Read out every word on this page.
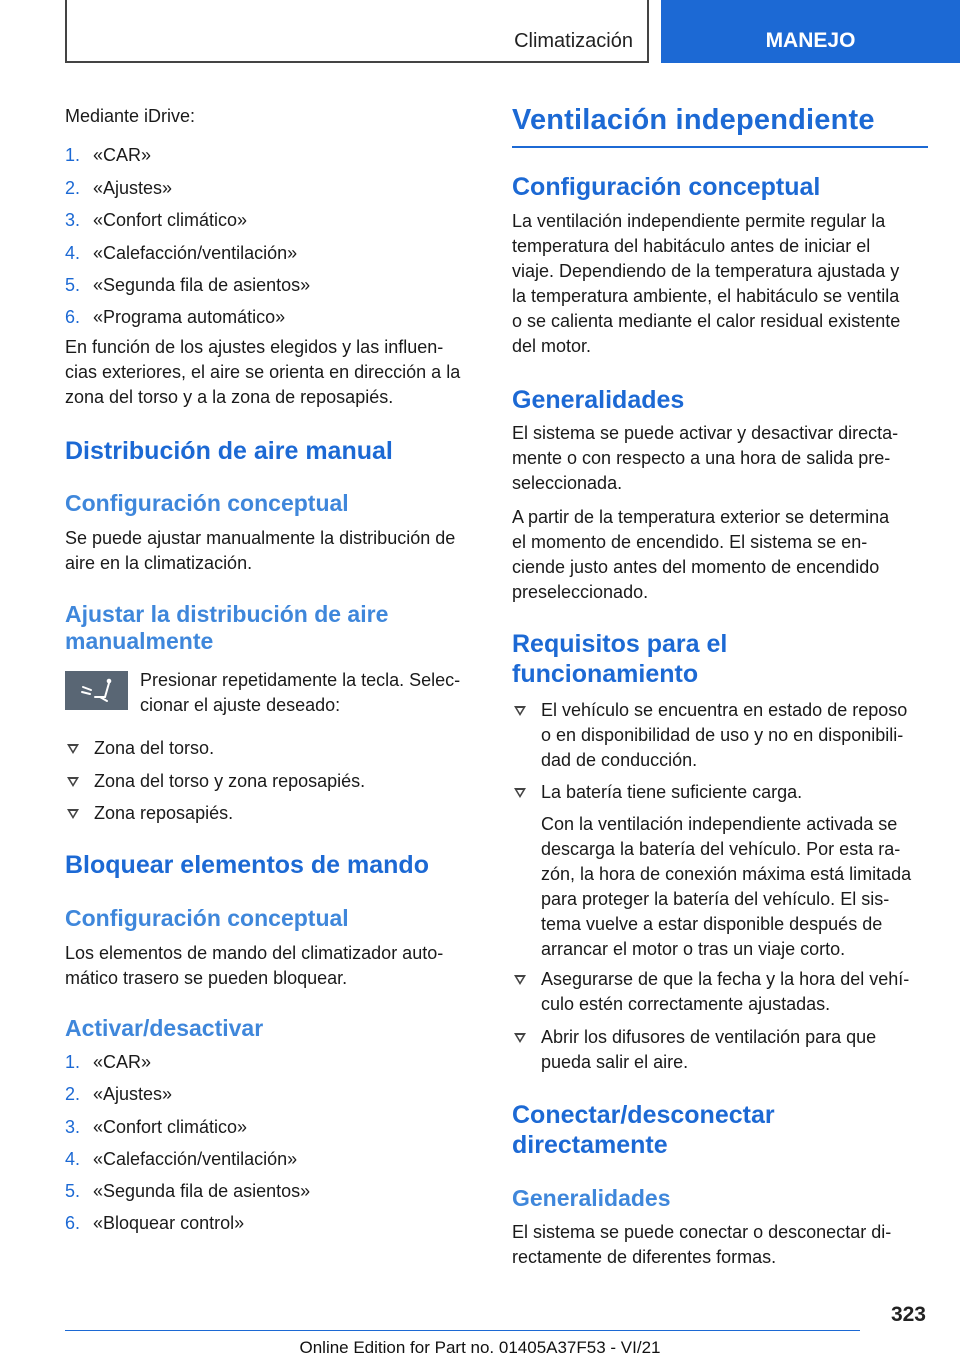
Climatización	MANEJO

Mediante iDrive:

1. «CAR»
2. «Ajustes»
3. «Confort climático»
4. «Calefacción/ventilación»
5. «Segunda fila de asientos»
6. «Programa automático»

En función de los ajustes elegidos y las influen-
cias exteriores, el aire se orienta en dirección a la
zona del torso y a la zona de reposapiés.

Distribución de aire manual
Configuración conceptual

Se puede ajustar manualmente la distribución de
aire en la climatización.

Ajustar la distribución de aire
manualmente

Presionar repetidamente la tecla. Selec-
cionar el ajuste deseado:

Zona del torso.
Zona del torso y zona reposapiés.
Zona reposapiés.
Bloquear elementos de mando
Configuración conceptual

Los elementos de mando del climatizador auto-
mático trasero se pueden bloquear.

Activar/desactivar
1. «CAR»
2. «Ajustes»
3. «Confort climático»
4. «Calefacción/ventilación»
5. «Segunda fila de asientos»
6. «Bloquear control»
Ventilación independiente
Configuración conceptual

La ventilación independiente permite regular la
temperatura del habitáculo antes de iniciar el
viaje. Dependiendo de la temperatura ajustada y
la temperatura ambiente, el habitáculo se ventila
o se calienta mediante el calor residual existente
del motor.

Generalidades

El sistema se puede activar y desactivar directa-
mente o con respecto a una hora de salida pre-
seleccionada.

A partir de la temperatura exterior se determina
el momento de encendido. El sistema se en-
ciende justo antes del momento de encendido
preseleccionado.

Requisitos para el
funcionamiento

El vehículo se encuentra en estado de reposo
o en disponibilidad de uso y no en disponibili-
dad de conducción.

La batería tiene suficiente carga.

Con la ventilación independiente activada se
descarga la batería del vehículo. Por esta ra-
zón, la hora de conexión máxima está limitada
para proteger la batería del vehículo. El sis-
tema vuelve a estar disponible después de
arrancar el motor o tras un viaje corto.

Asegurarse de que la fecha y la hora del vehí-
culo estén correctamente ajustadas.

Abrir los difusores de ventilación para que
pueda salir el aire.

Conectar/desconectar
directamente
Generalidades

El sistema se puede conectar o desconectar di-
rectamente de diferentes formas.

323
Online Edition for Part no. 01405A37F53 - VI/21
